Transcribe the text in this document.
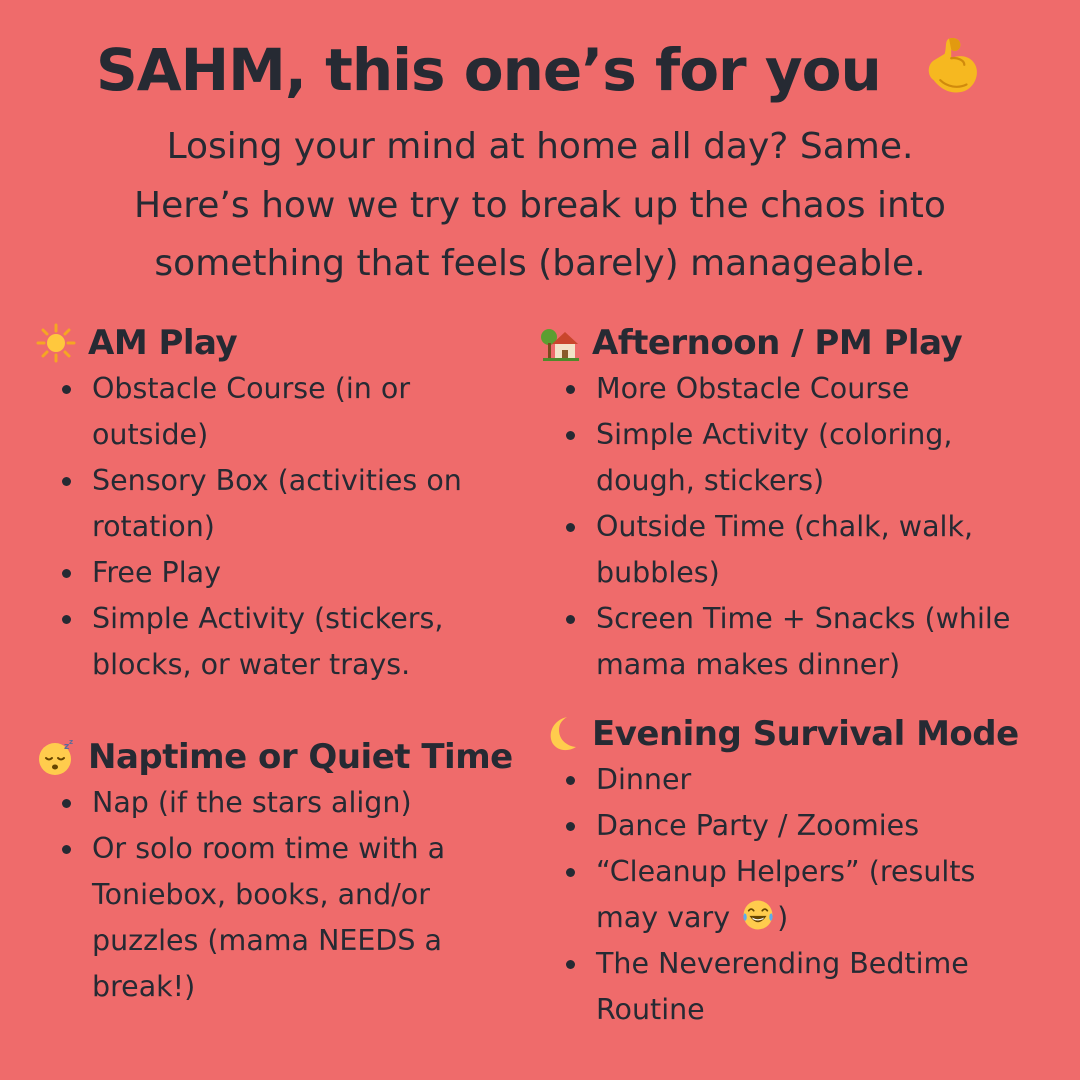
SAHM, this one’s for you
Losing your mind at home all day? Same.
Here’s how we try to break up the chaos into
something that feels (barely) manageable.
AM Play
Obstacle Course (in or
outside)
Sensory Box (activities on
rotation)
Free Play
Simple Activity (stickers,
blocks, or water trays.
z z Naptime or Quiet Time
Nap (if the stars align)
Or solo room time with a
Toniebox, books, and/or
puzzles (mama NEEDS a
break!)
Afternoon / PM Play
More Obstacle Course
Simple Activity (coloring,
dough, stickers)
Outside Time (chalk, walk,
bubbles)
Screen Time + Snacks (while
mama makes dinner)
Evening Survival Mode
Dinner
Dance Party / Zoomies
“Cleanup Helpers” (results
may vary )
The Neverending Bedtime
Routine
